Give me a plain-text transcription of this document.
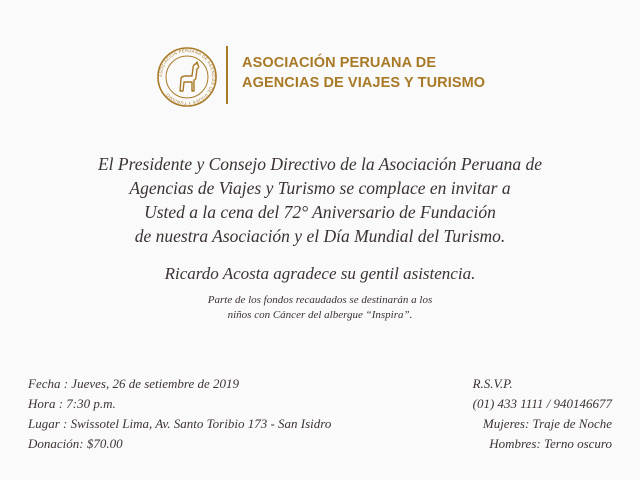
ASOCIACIÓN PERUANA DE AGENCIAS DE VIAJES Y TURISMO
ASOCIACIÓN PERUANA DE
AGENCIAS DE VIAJES Y TURISMO
El Presidente y Consejo Directivo de la Asociación Peruana de
Agencias de Viajes y Turismo se complace en invitar a
Usted a la cena del 72° Aniversario de Fundación
de nuestra Asociación y el Día Mundial del Turismo.
Ricardo Acosta agradece su gentil asistencia.
Parte de los fondos recaudados se destinarán a los
niños con Cáncer del albergue “Inspira”.
Fecha : Jueves, 26 de setiembre de 2019
Hora : 7:30 p.m.
Lugar : Swissotel Lima, Av. Santo Toribio 173 - San Isidro
Donación: $70.00
R.S.V.P.
(01) 433 1111 / 940146677
Mujeres: Traje de Noche
Hombres: Terno oscuro
